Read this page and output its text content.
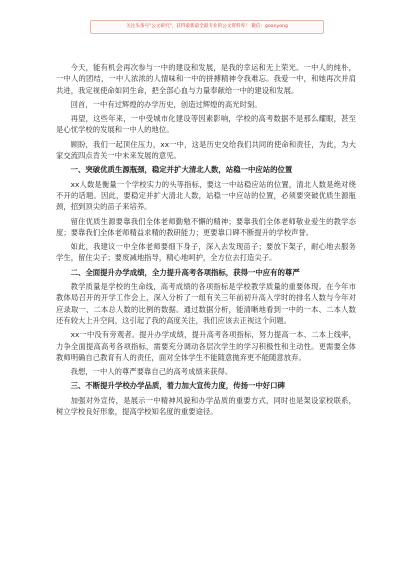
关注头条号"公文研究"，获得最新最全最专业的公文资料库！ 微信：goanyong
今天，能有机会再次参与一中的建设和发展，是我的幸运和无上荣光。一中人的纯朴，一中人的团结，一中人浓浓的人情味和一中的拼搏精神令我难忘。我爱一中，和她再次并肩共进，我定视使命如同生命，把全部心血与力量奉献给一中的建设和发展。
回首，一中有过辉煌的办学历史，创造过辉煌的高光时刻。
再望，这些年来，一中受城市化建设等因素影响，学校的高考数据不是那么耀眼，甚至是心忧学校的发展和一中人的地位。
顾盼，我们一起顶住压力，xx一中，这是历史交给我们共同的使命和责任，为此，为大家交流四点肯关一中未来发展的意见。
一、突破优质生源瓶颈，稳定并扩大清北人数，站稳一中应站的位置
xx人数是衡量一个学校实力的头等指标，要这一中站稳应站的位置，清北人数是绝对绕不开的话题。因此，要稳定并扩大清北人数，站稳一中应站的位置，必须要突破优质生源瓶颈，招到顶尖的苗子来培养。
留住优质生源要靠我们全体老师勤勉不懈的精神；要靠我们全体老师敬业爱生的教学态度；要靠我们全体老师精益求精的教研能力；更要靠口碑不断提升的学校声誉。
如此，我建议一中全体老师要细下身子，深入去发现苗子；要放下架子，耐心地去服务学生，留住尖子；要废减地指导，精心地呵护，全方位去打造尖子。
二、全面提升办学成绩，全力提升高考各项指标，获得一中应有的尊严
教学质量是学校的生命线，高考成绩的各项指标是学校教学质量的重要体现。在今年市教体局召开的开学工作会上，深入分析了一组有关三年前初升高入学时的排名人数与今年对应录取一、二本总人数的比例的数据。通过数据分析，能清晰地看到一中的一本、二本人数还有较大上升空间，这引起了我的高度关注，我们应该去正视这个问题。
xx一中没有旁观者。提升办学成绩，提升高考各项指标，努力提高一本、二本上线率，力争全面提高高考各项指标，需要充分调动各层次学生的学习积极性和主动性。更需要全体教师明确自己教育有人的责任，面对全体学生不能随意抛弃更不能随意放弃。
我想，一中人的尊严要靠自己的高考成绩来获得。
三、不断提升学校办学品质，着力加大宣传力度，传扬一中好口碑
加强对外宣传，是展示一中精神风貌和办学品质的重要方式，同时也是架设家校联系，树立学校良好形象，提高学校知名度的重要途径。
